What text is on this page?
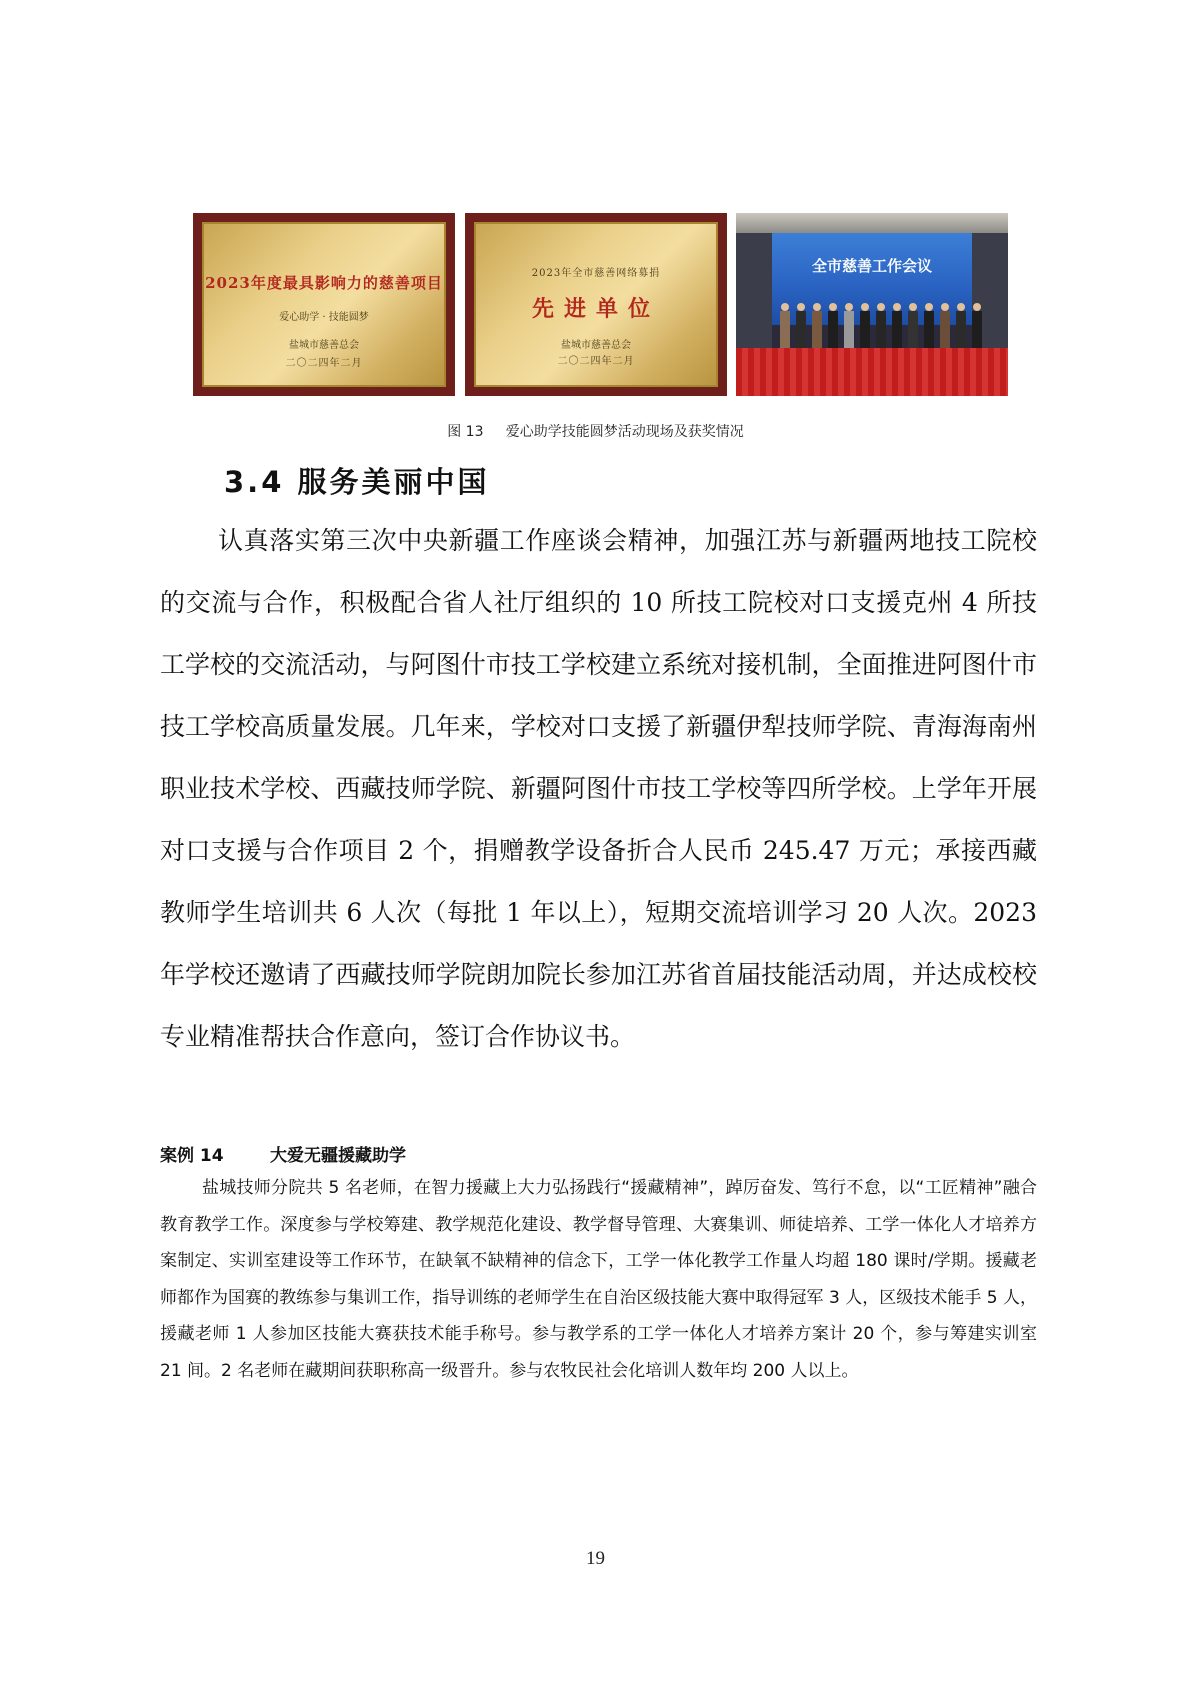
2023年度最具影响力的慈善项目
爱心助学 · 技能圆梦
盐城市慈善总会
二〇二四年二月
2023年全市慈善网络募捐
先进单位
盐城市慈善总会
二〇二四年二月
全市慈善工作会议
图 13     爱心助学技能圆梦活动现场及获奖情况
3.4 服务美丽中国

认真落实第三次中央新疆工作座谈会精神，加强江苏与新疆两地技工院校的交流与合作，积极配合省人社厅组织的 10 所技工院校对口支援克州 4 所技工学校的交流活动，与阿图什市技工学校建立系统对接机制，全面推进阿图什市技工学校高质量发展。几年来，学校对口支援了新疆伊犁技师学院、青海海南州职业技术学校、西藏技师学院、新疆阿图什市技工学校等四所学校。上学年开展对口支援与合作项目 2 个，捐赠教学设备折合人民币 245.47 万元；承接西藏教师学生培训共 6 人次（每批 1 年以上），短期交流培训学习 20 人次。2023 年学校还邀请了西藏技师学院朗加院长参加江苏省首届技能活动周，并达成校校专业精准帮扶合作意向，签订合作协议书。

案例 14	大爱无疆援藏助学

盐城技师分院共 5 名老师，在智力援藏上大力弘扬践行“援藏精神”，踔厉奋发、笃行不怠，以“工匠精神”融合教育教学工作。深度参与学校筹建、教学规范化建设、教学督导管理、大赛集训、师徒培养、工学一体化人才培养方案制定、实训室建设等工作环节，在缺氧不缺精神的信念下，工学一体化教学工作量人均超 180 课时/学期。援藏老师都作为国赛的教练参与集训工作，指导训练的老师学生在自治区级技能大赛中取得冠军 3 人，区级技术能手 5 人，援藏老师 1 人参加区技能大赛获技术能手称号。参与教学系的工学一体化人才培养方案计 20 个，参与筹建实训室 21 间。2 名老师在藏期间获职称高一级晋升。参与农牧民社会化培训人数年均 200 人以上。

19
